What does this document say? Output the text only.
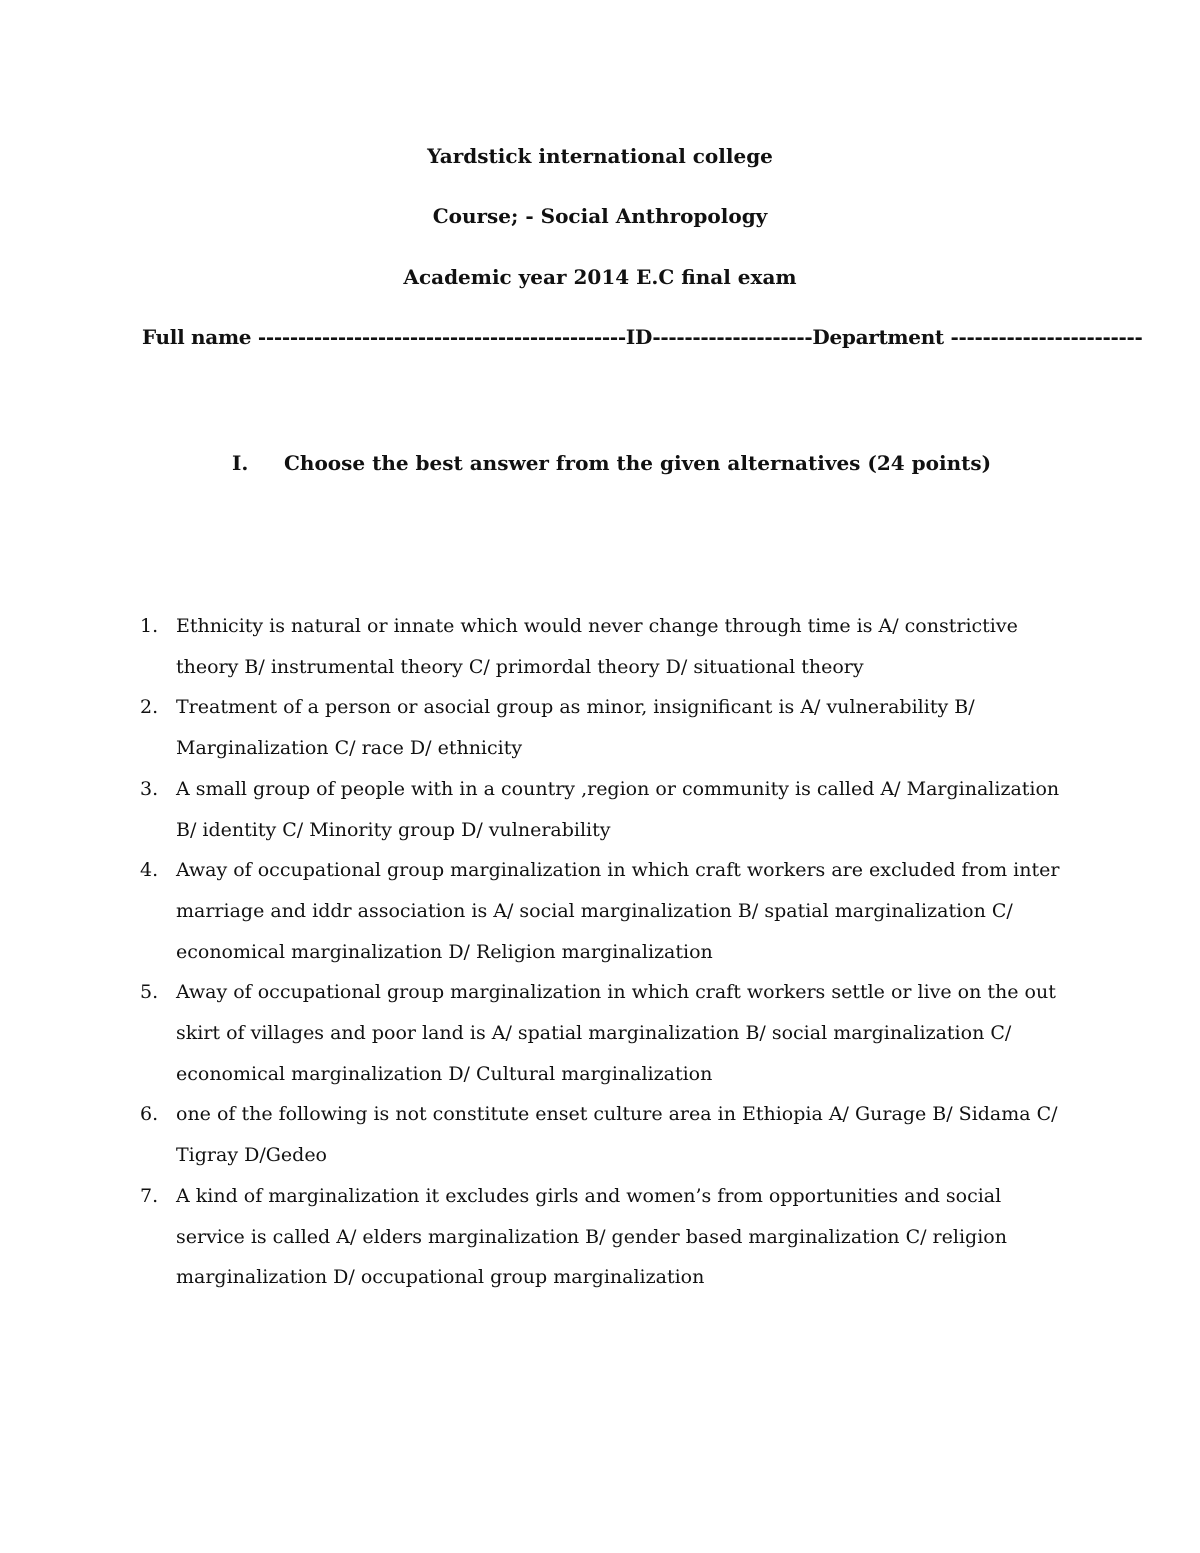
Yardstick international college
Course; - Social Anthropology
Academic year 2014 E.C final exam
Full name ----------------------------------------------ID--------------------Department ------------------------
I. Choose the best answer from the given alternatives (24 points)
1. Ethnicity is natural or innate which would never change through time is A/ constrictive theory B/ instrumental theory C/ primordal theory D/ situational theory
2. Treatment of a person or asocial group as minor, insignificant is A/ vulnerability B/ Marginalization C/ race D/ ethnicity
3. A small group of people with in a country ,region or community is called A/ Marginalization B/ identity C/ Minority group D/ vulnerability
4. Away of occupational group marginalization in which craft workers are excluded from inter marriage and iddr association is A/ social marginalization B/ spatial marginalization C/ economical marginalization D/ Religion marginalization
5. Away of occupational group marginalization in which craft workers settle or live on the out skirt of villages and poor land is A/ spatial marginalization B/ social marginalization C/ economical marginalization D/ Cultural marginalization
6. one of the following is not constitute enset culture area in Ethiopia A/ Gurage B/ Sidama C/ Tigray D/Gedeo
7. A kind of marginalization it excludes girls and women’s from opportunities and social service is called A/ elders marginalization B/ gender based marginalization C/ religion marginalization D/ occupational group marginalization
